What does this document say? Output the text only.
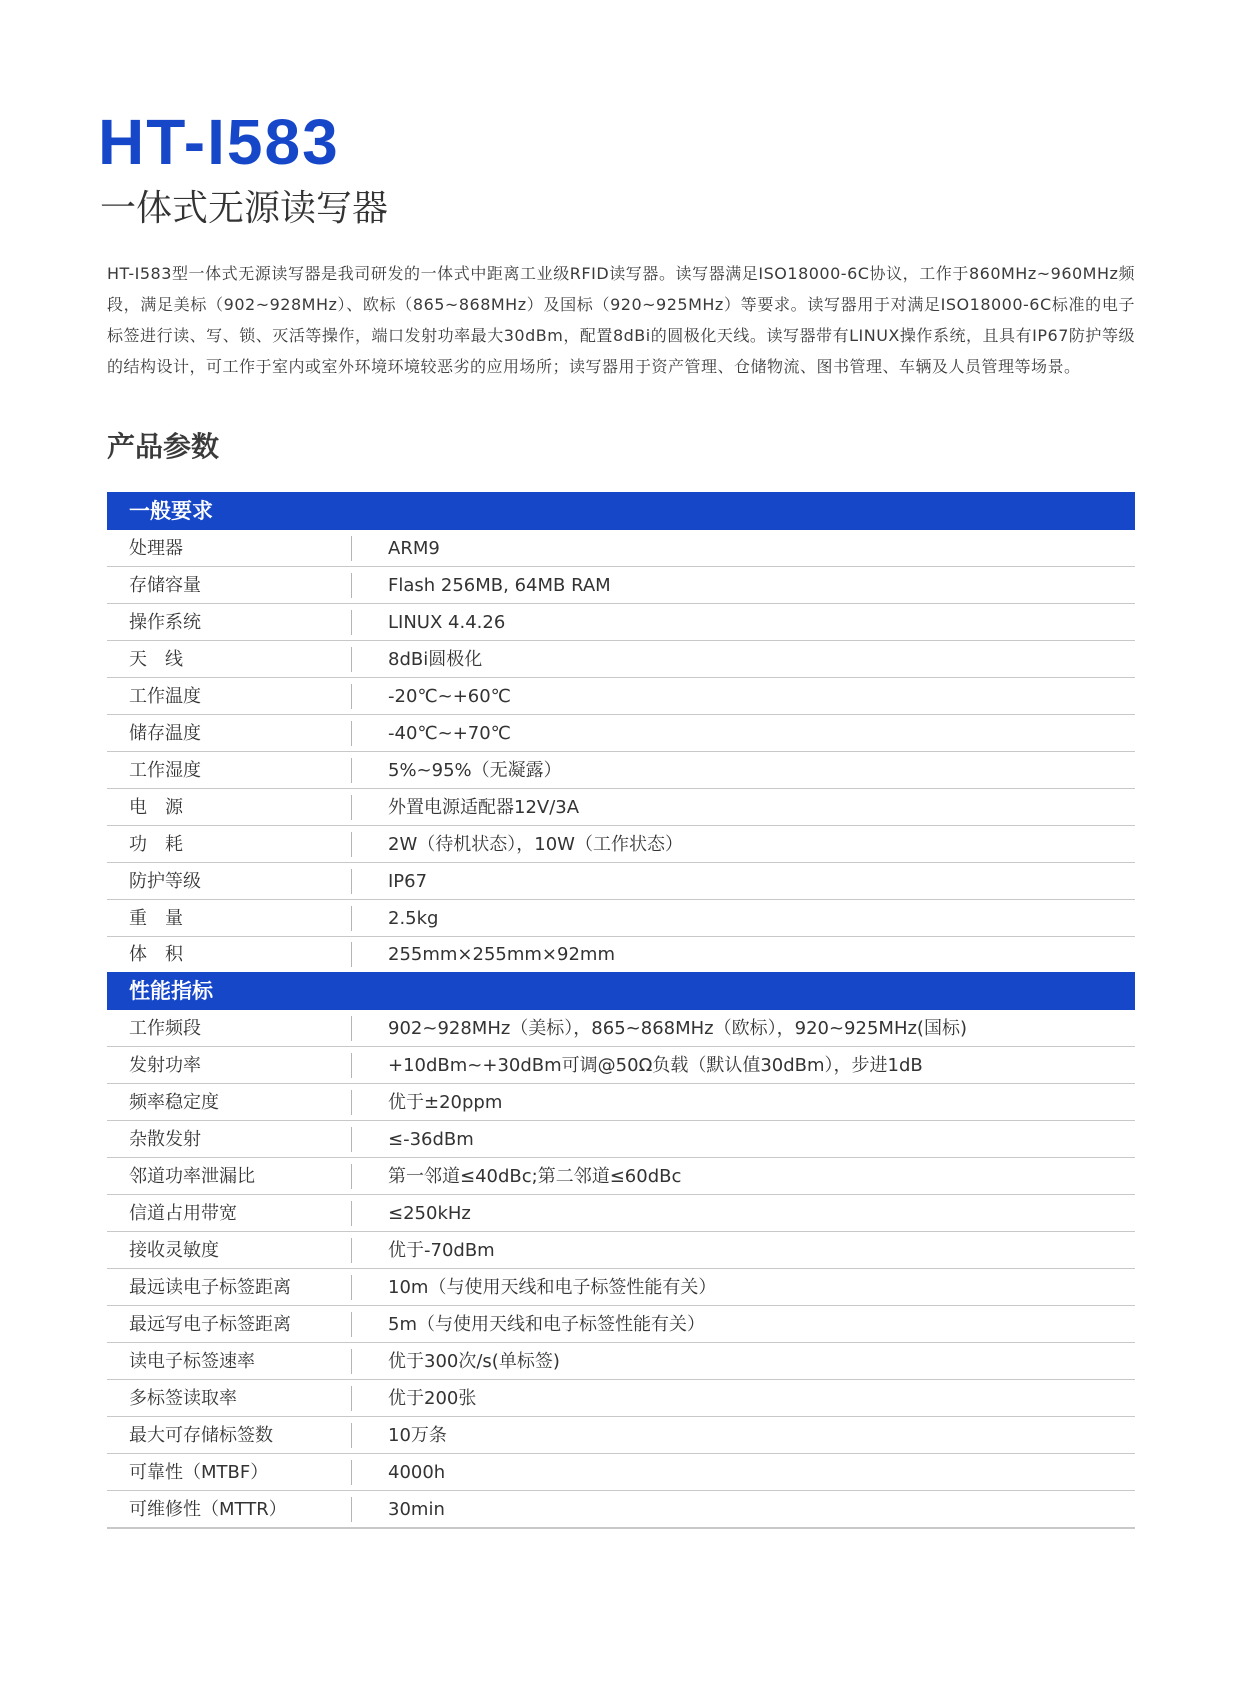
HT-I583
一体式无源读写器

HT-I583型一体式无源读写器是我司研发的一体式中距离工业级RFID读写器。读写器满足ISO18000-6C协议，工作于860MHz~960MHz频段，满足美标（902~928MHz）、欧标（865~868MHz）及国标（920~925MHz）等要求。读写器用于对满足ISO18000-6C标准的电子标签进行读、写、锁、灭活等操作，端口发射功率最大30dBm，配置8dBi的圆极化天线。读写器带有LINUX操作系统，且具有IP67防护等级的结构设计，可工作于室内或室外环境环境较恶劣的应用场所；读写器用于资产管理、仓储物流、图书管理、车辆及人员管理等场景。

产品参数
一般要求
处理器	ARM9
存储容量	Flash 256MB, 64MB RAM
操作系统	LINUX 4.4.26
天　线	8dBi圆极化
工作温度	-20℃~+60℃
储存温度	-40℃~+70℃
工作湿度	5%~95%（无凝露）
电　源	外置电源适配器12V/3A
功　耗	2W（待机状态），10W（工作状态）
防护等级	IP67
重　量	2.5kg
体　积	255mm×255mm×92mm
性能指标
工作频段	902~928MHz（美标），865~868MHz（欧标），920~925MHz(国标)
发射功率	+10dBm~+30dBm可调@50Ω负载（默认值30dBm），步进1dB
频率稳定度	优于±20ppm
杂散发射	≤-36dBm
邻道功率泄漏比	第一邻道≤40dBc;第二邻道≤60dBc
信道占用带宽	≤250kHz
接收灵敏度	优于-70dBm
最远读电子标签距离	10m（与使用天线和电子标签性能有关）
最远写电子标签距离	5m（与使用天线和电子标签性能有关）
读电子标签速率	优于300次/s(单标签)
多标签读取率	优于200张
最大可存储标签数	10万条
可靠性（MTBF）	4000h
可维修性（MTTR）	30min
